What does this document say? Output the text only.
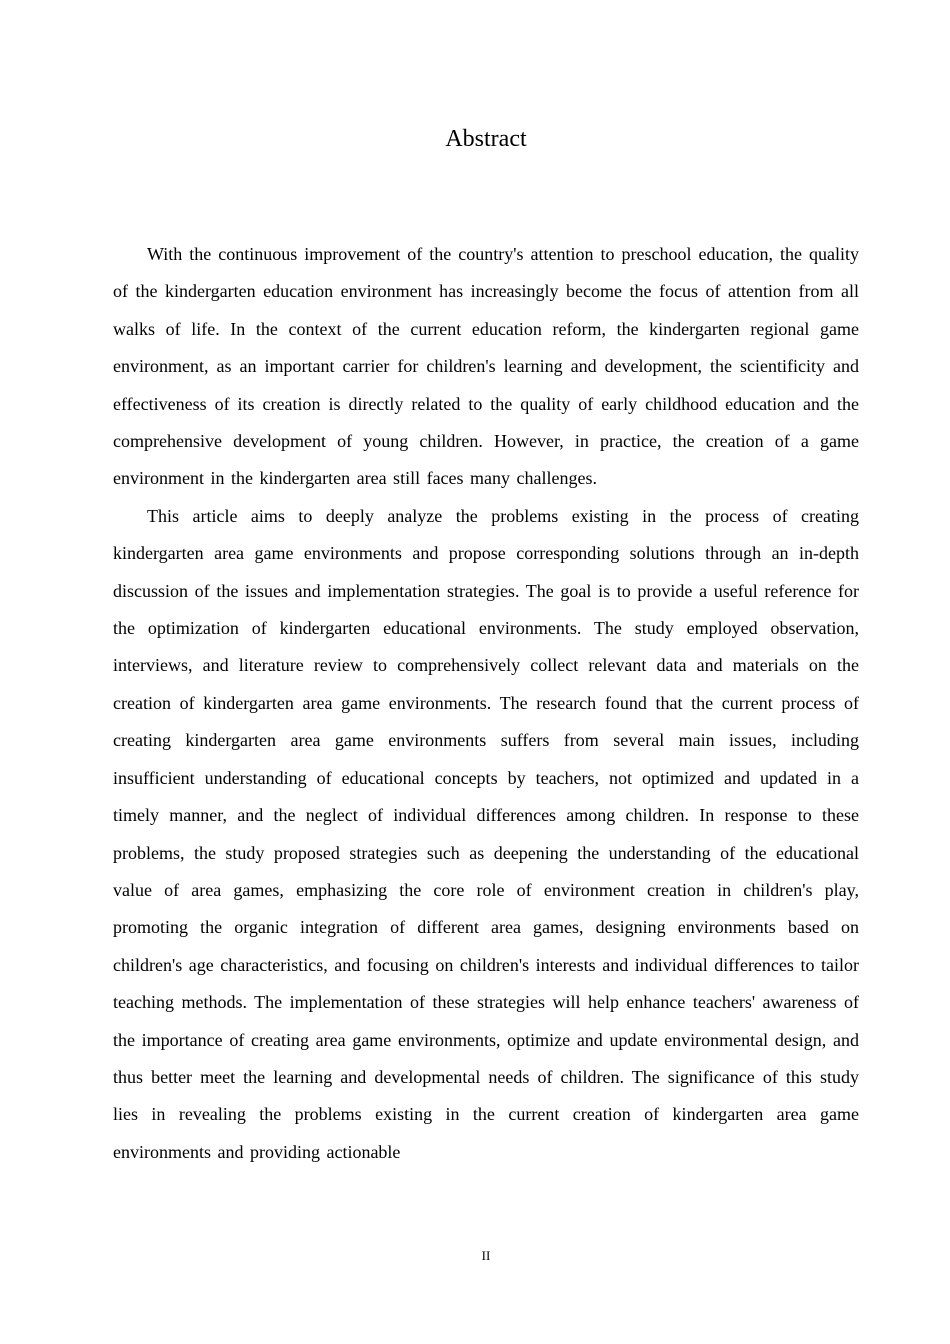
Abstract

With the continuous improvement of the country's attention to preschool education, the quality of the kindergarten education environment has increasingly become the focus of attention from all walks of life. In the context of the current education reform, the kindergarten regional game environment, as an important carrier for children's learning and development, the scientificity and effectiveness of its creation is directly related to the quality of early childhood education and the comprehensive development of young children. However, in practice, the creation of a game environment in the kindergarten area still faces many challenges.

This article aims to deeply analyze the problems existing in the process of creating kindergarten area game environments and propose corresponding solutions through an in-depth discussion of the issues and implementation strategies. The goal is to provide a useful reference for the optimization of kindergarten educational environments. The study employed observation, interviews, and literature review to comprehensively collect relevant data and materials on the creation of kindergarten area game environments. The research found that the current process of creating kindergarten area game environments suffers from several main issues, including insufficient understanding of educational concepts by teachers, not optimized and updated in a timely manner, and the neglect of individual differences among children. In response to these problems, the study proposed strategies such as deepening the understanding of the educational value of area games, emphasizing the core role of environment creation in children's play, promoting the organic integration of different area games, designing environments based on children's age characteristics, and focusing on children's interests and individual differences to tailor teaching methods. The implementation of these strategies will help enhance teachers' awareness of the importance of creating area game environments, optimize and update environmental design, and thus better meet the learning and developmental needs of children. The significance of this study lies in revealing the problems existing in the current creation of kindergarten area game environments and providing actionable

II
